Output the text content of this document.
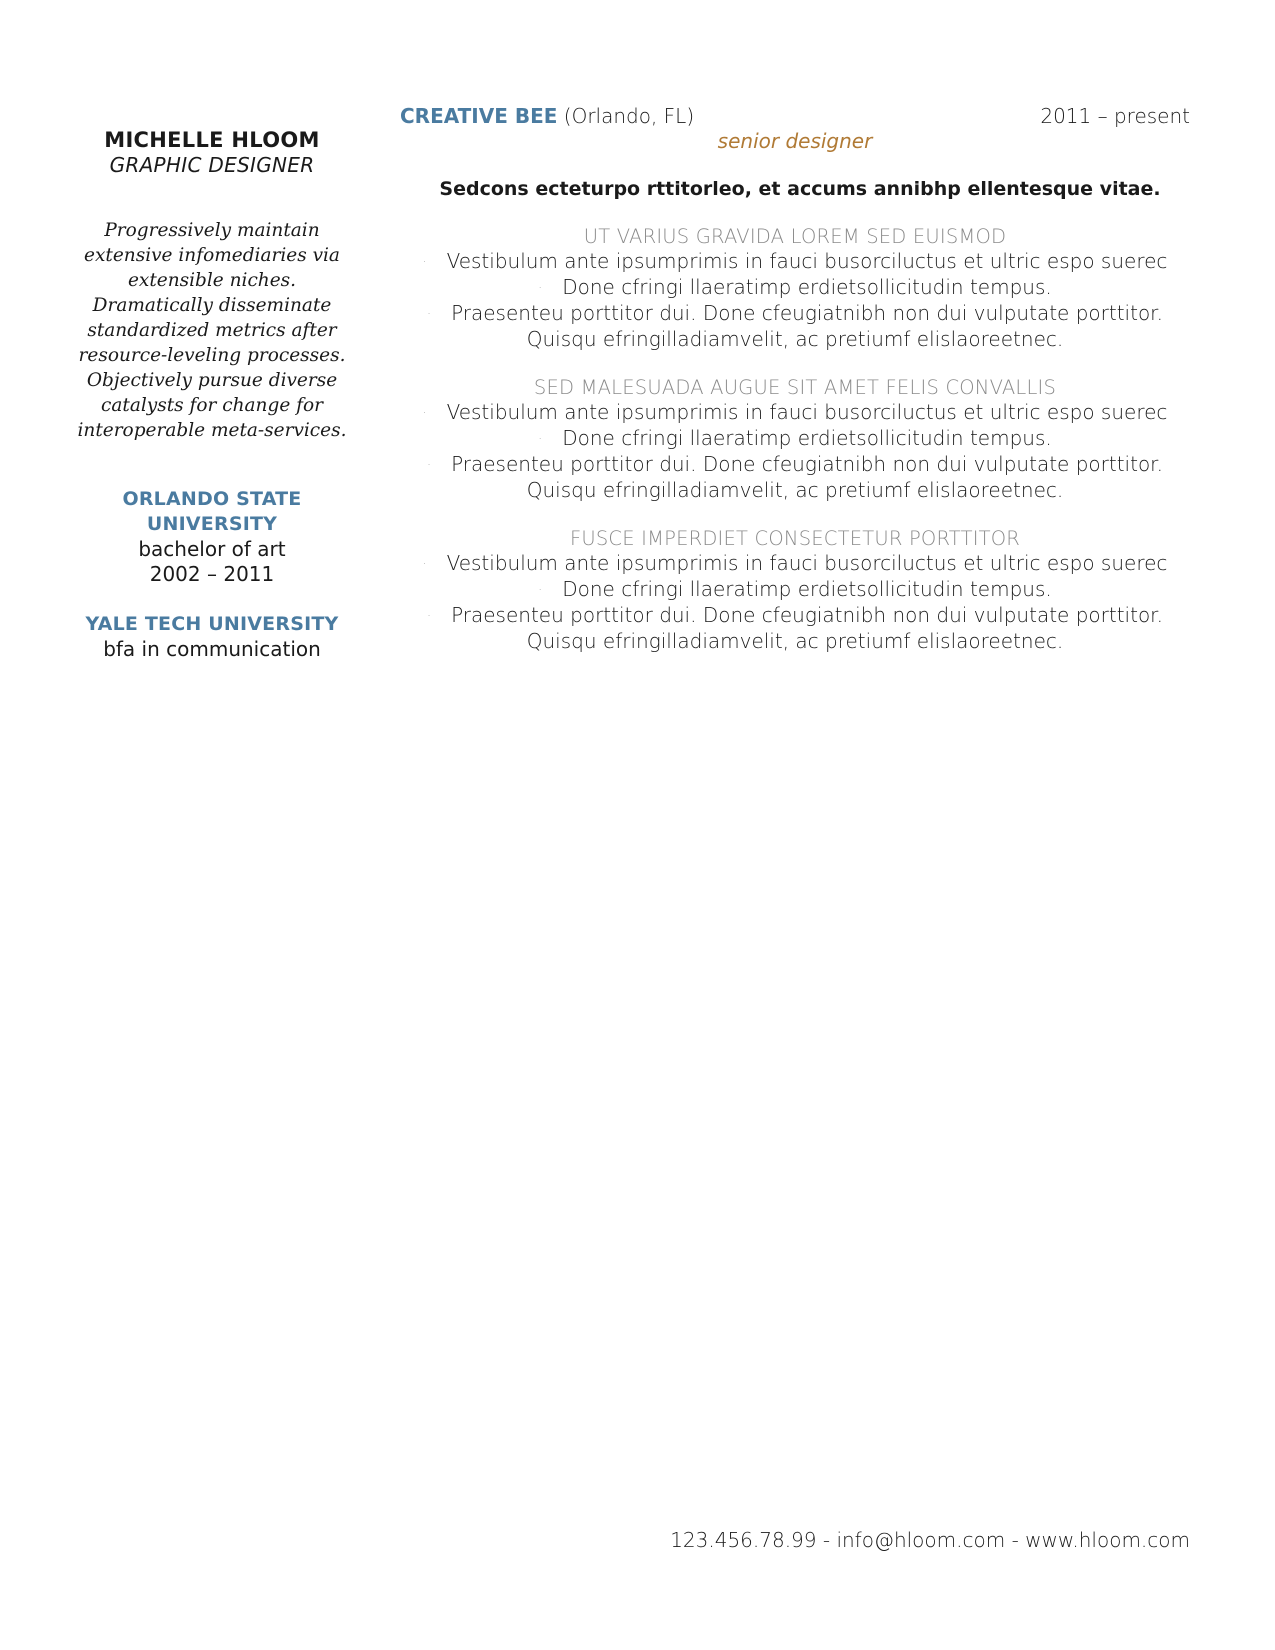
MICHELLE HLOOM
GRAPHIC DESIGNER
Progressively maintain
extensive infomediaries via
extensible niches.
Dramatically disseminate
standardized metrics after
resource-leveling processes.
Objectively pursue diverse
catalysts for change for
interoperable meta-services.
ORLANDO STATE UNIVERSITY
bachelor of art
2002 – 2011
YALE TECH UNIVERSITY
bfa in communication
CREATIVE BEE (Orlando, FL)	2011 – present
senior designer
Sedcons ecteturpo rttitorleo, et accums annibhp ellentesque vitae.
UT VARIUS GRAVIDA LOREM SED EUISMOD
· Vestibulum ante ipsumprimis in fauci busorciluctus et ultric espo suerec
· Done cfringi llaeratimp erdietsollicitudin tempus.
· Praesenteu porttitor dui. Done cfeugiatnibh non dui vulputate porttitor.
Quisqu efringilladiamvelit, ac pretiumf elislaoreetnec.
SED MALESUADA AUGUE SIT AMET FELIS CONVALLIS
· Vestibulum ante ipsumprimis in fauci busorciluctus et ultric espo suerec
· Done cfringi llaeratimp erdietsollicitudin tempus.
· Praesenteu porttitor dui. Done cfeugiatnibh non dui vulputate porttitor.
Quisqu efringilladiamvelit, ac pretiumf elislaoreetnec.
FUSCE IMPERDIET CONSECTETUR PORTTITOR
· Vestibulum ante ipsumprimis in fauci busorciluctus et ultric espo suerec
· Done cfringi llaeratimp erdietsollicitudin tempus.
· Praesenteu porttitor dui. Done cfeugiatnibh non dui vulputate porttitor.
Quisqu efringilladiamvelit, ac pretiumf elislaoreetnec.
123.456.78.99 - info@hloom.com - www.hloom.com
